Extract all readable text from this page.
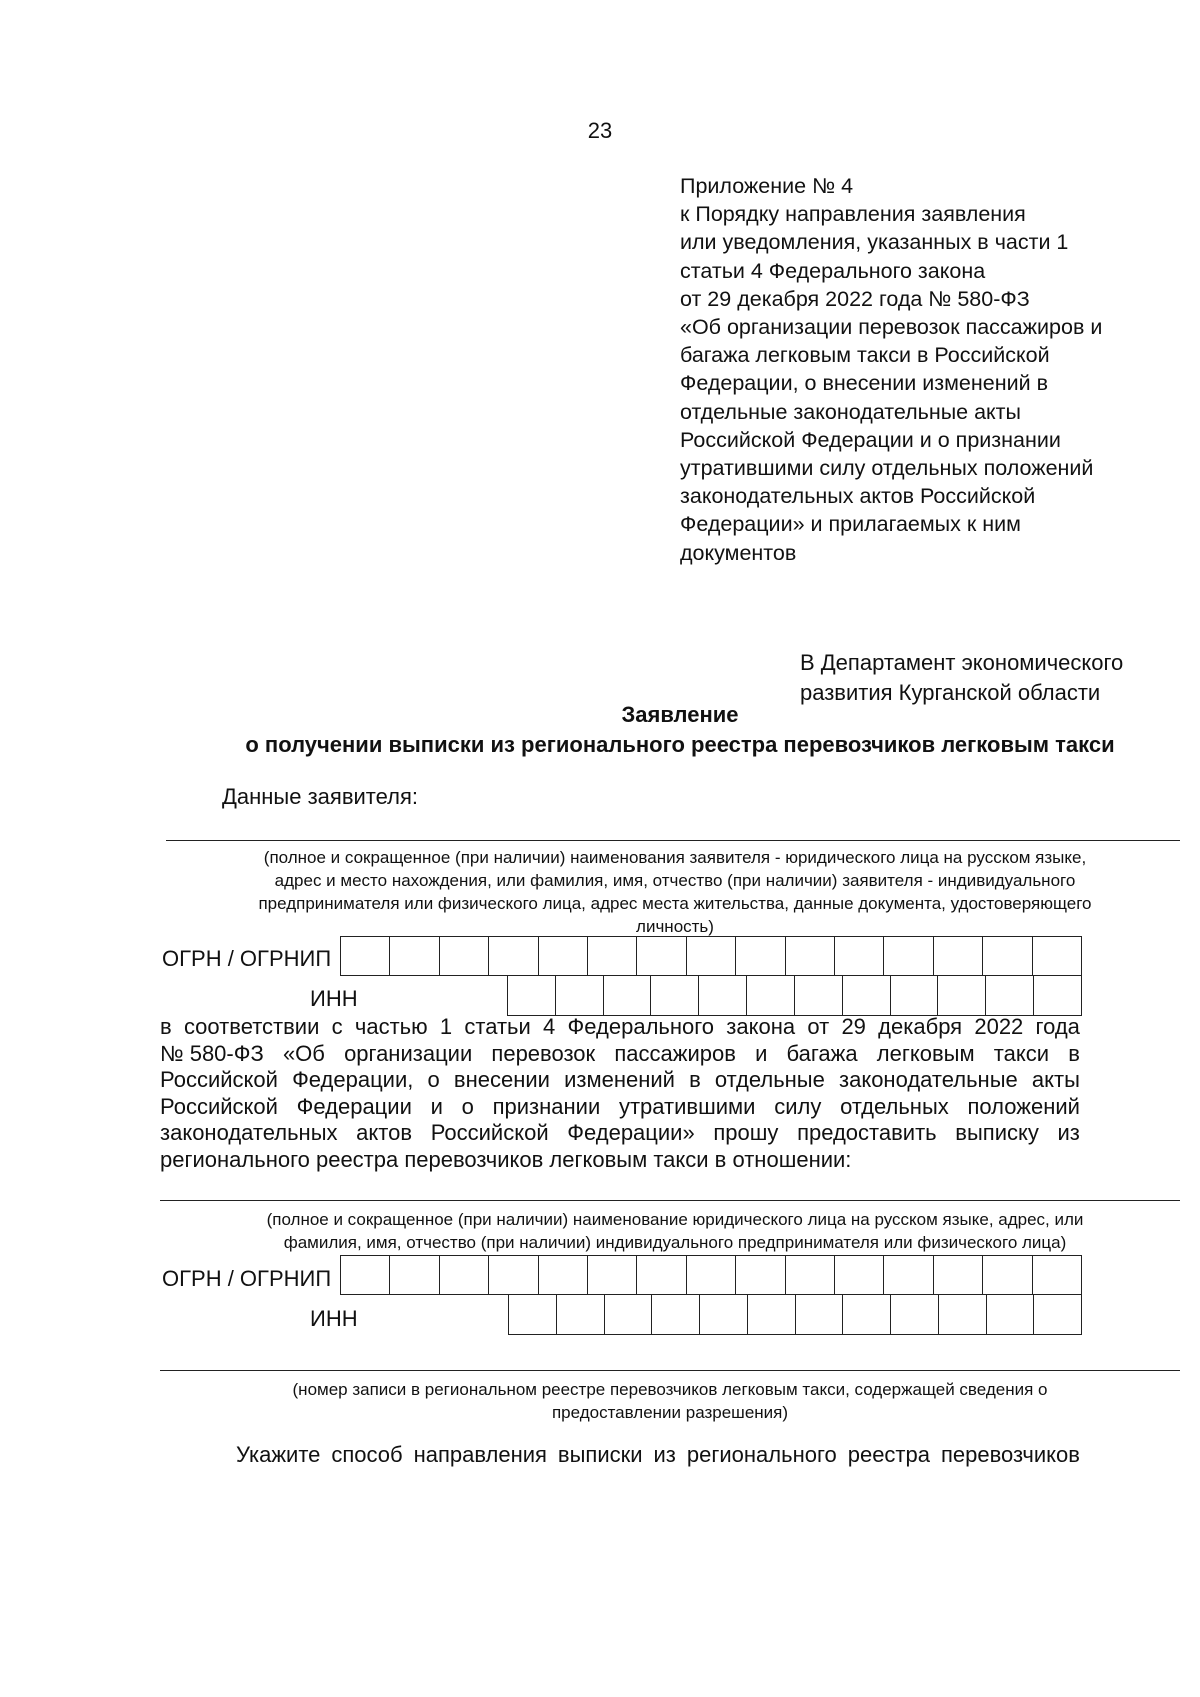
23
Приложение № 4
к Порядку направления заявления
или уведомления, указанных в части 1
статьи 4 Федерального закона
от 29 декабря 2022 года № 580-ФЗ
«Об организации перевозок пассажиров и
багажа легковым такси в Российской
Федерации, о внесении изменений в
отдельные законодательные акты
Российской Федерации и о признании
утратившими силу отдельных положений
законодательных актов Российской
Федерации» и прилагаемых к ним
документов
В Департамент экономического
развития Курганской области
Заявление
о получении выписки из регионального реестра перевозчиков легковым такси
Данные заявителя:
(полное и сокращенное (при наличии) наименования заявителя - юридического лица на русском языке,
адрес и место нахождения, или фамилия, имя, отчество (при наличии) заявителя - индивидуального
предпринимателя или физического лица, адрес места жительства, данные документа, удостоверяющего
личность)
ОГРН / ОГРНИП
ИНН
в соответствии с частью 1 статьи 4 Федерального закона от 29 декабря 2022 года
№ 580-ФЗ «Об организации перевозок пассажиров и багажа легковым такси в
Российской Федерации, о внесении изменений в отдельные законодательные акты
Российской Федерации и о признании утратившими силу отдельных положений
законодательных актов Российской Федерации» прошу предоставить выписку из
регионального реестра перевозчиков легковым такси в отношении:
(полное и сокращенное (при наличии) наименование юридического лица на русском языке, адрес, или
фамилия, имя, отчество (при наличии) индивидуального предпринимателя или физического лица)
ОГРН / ОГРНИП
ИНН
(номер записи в региональном реестре перевозчиков легковым такси, содержащей сведения о
предоставлении разрешения)
Укажите способ направления выписки из регионального реестра перевозчиков
